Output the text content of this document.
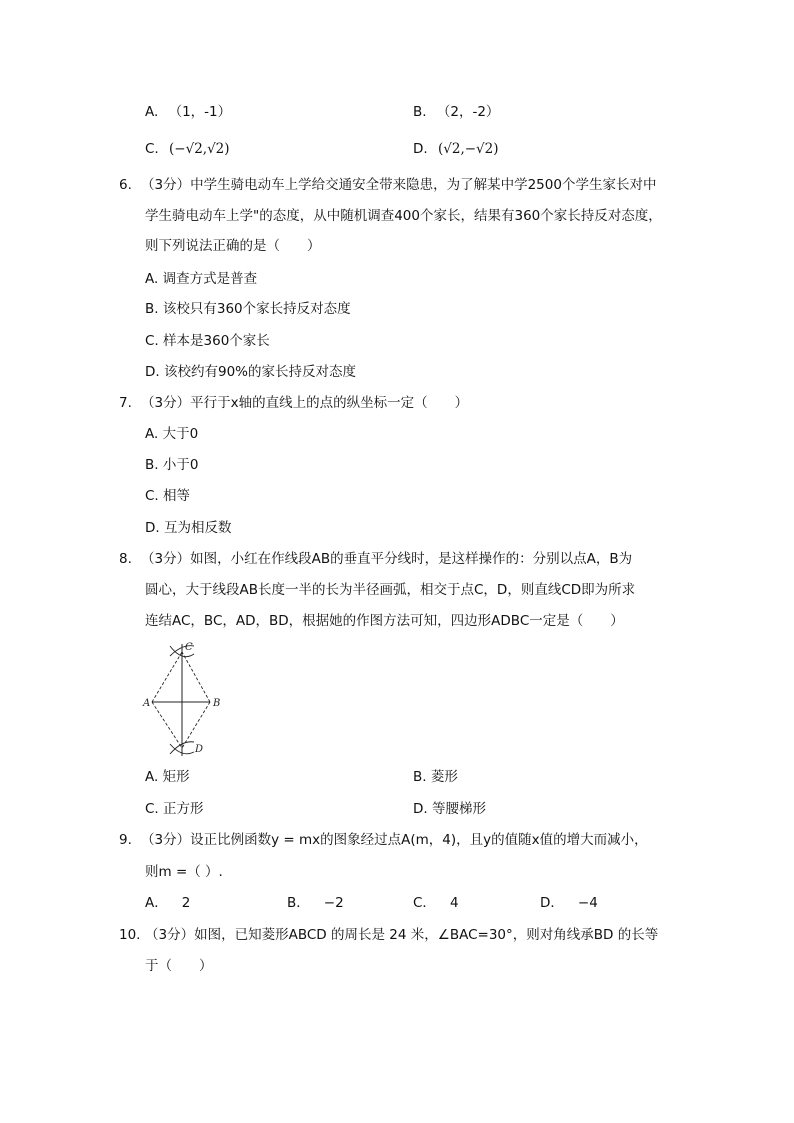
A. （1，-1）	B. （2，-2）
C. (−√2,√2)	D. (√2,−√2)
6. （3分）中学生骑电动车上学给交通安全带来隐患，为了解某中学2500个学生家长对中
学生骑电动车上学"的态度，从中随机调查400个家长，结果有360个家长持反对态度，
则下列说法正确的是（　　）
A. 调查方式是普查
B. 该校只有360个家长持反对态度
C. 样本是360个家长
D. 该校约有90%的家长持反对态度
7. （3分）平行于x轴的直线上的点的纵坐标一定（　　）
A. 大于0
B. 小于0
C. 相等
D. 互为相反数
8. （3分）如图，小红在作线段AB的垂直平分线时，是这样操作的：分别以点A，B为
圆心，大于线段AB长度一半的长为半径画弧，相交于点C，D，则直线CD即为所求
连结AC，BC，AD，BD，根据她的作图方法可知，四边形ADBC一定是（　　）
A	B
C
D
A. 矩形	B. 菱形
C. 正方形	D. 等腰梯形
9. （3分）设正比例函数y = mx的图象经过点A(m，4)，且y的值随x值的增大而减小，
则m =（ ）.
A． 2	B． −2	C． 4	D． −4
10. （3分）如图，已知菱形ABCD 的周长是 24 米，∠BAC=30°，则对角线承BD 的长等
于（　　）
